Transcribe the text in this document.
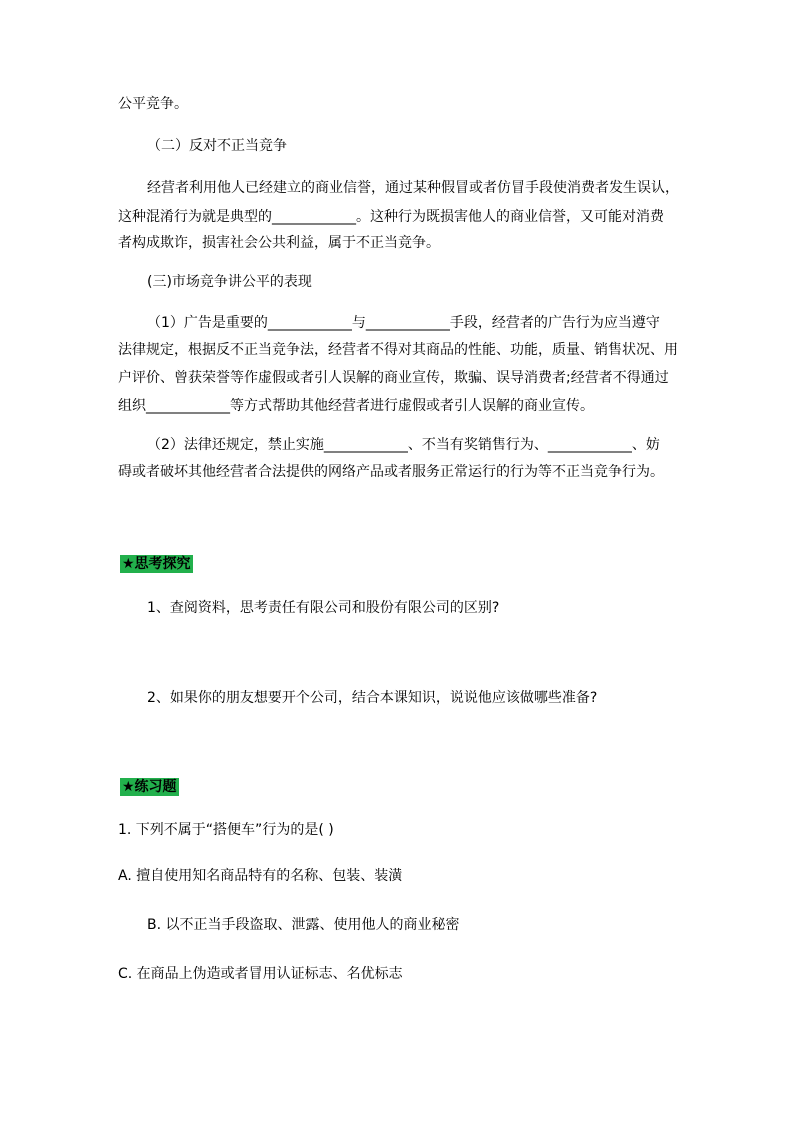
公平竞争。
（二）反对不正当竞争
经营者利用他人已经建立的商业信誉，通过某种假冒或者仿冒手段使消费者发生误认，
这种混淆行为就是典型的____________。这种行为既损害他人的商业信誉，又可能对消费
者构成欺诈，损害社会公共利益，属于不正当竞争。
(三)市场竞争讲公平的表现
（1）广告是重要的____________与____________手段，经营者的广告行为应当遵守
法律规定，根据反不正当竞争法，经营者不得对其商品的性能、功能，质量、销售状况、用
户评价、曾获荣誉等作虚假或者引人误解的商业宣传，欺骗、误导消费者;经营者不得通过
组织____________等方式帮助其他经营者进行虚假或者引人误解的商业宣传。
（2）法律还规定，禁止实施____________、不当有奖销售行为、____________、妨
碍或者破坏其他经营者合法提供的网络产品或者服务正常运行的行为等不正当竞争行为。
★思考探究
1、查阅资料，思考责任有限公司和股份有限公司的区别?
2、如果你的朋友想要开个公司，结合本课知识，说说他应该做哪些准备?
★练习题
1. 下列不属于“搭便车”行为的是( )
A. 擅自使用知名商品特有的名称、包装、装潢
B. 以不正当手段盗取、泄露、使用他人的商业秘密
C. 在商品上伪造或者冒用认证标志、名优标志
